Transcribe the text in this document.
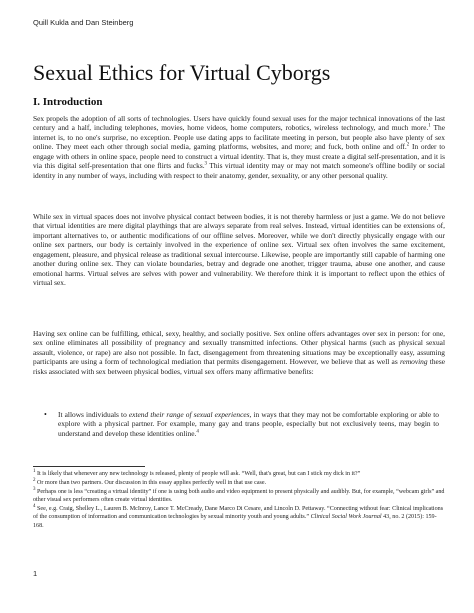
Quill Kukla and Dan Steinberg
Sexual Ethics for Virtual Cyborgs
I. Introduction
Sex propels the adoption of all sorts of technologies. Users have quickly found sexual uses for the major technical innovations of the last century and a half, including telephones, movies, home videos, home computers, robotics, wireless technology, and much more.$^1$ The internet is, to no one's surprise, no exception. People use dating apps to facilitate meeting in person, but people also have plenty of sex online. They meet each other through social media, gaming platforms, websites, and more; and fuck, both online and off.$^2$ In order to engage with others in online space, people need to construct a virtual identity. That is, they must create a digital self-presentation, and it is via this digital self-presentation that one flirts and fucks.$^3$ This virtual identity may or may not match someone's offline bodily or social identity in any number of ways, including with respect to their anatomy, gender, sexuality, or any other personal quality.
While sex in virtual spaces does not involve physical contact between bodies, it is not thereby harmless or just a game. We do not believe that virtual identities are mere digital playthings that are always separate from real selves. Instead, virtual identities can be extensions of, important alternatives to, or authentic modifications of our offline selves. Moreover, while we don't directly physically engage with our online sex partners, our body is certainly involved in the experience of online sex. Virtual sex often involves the same excitement, engagement, pleasure, and physical release as traditional sexual intercourse. Likewise, people are importantly still capable of harming one another during online sex. They can violate boundaries, betray and degrade one another, trigger trauma, abuse one another, and cause emotional harms. Virtual selves are selves with power and vulnerability. We therefore think it is important to reflect upon the ethics of virtual sex.
Having sex online can be fulfilling, ethical, sexy, healthy, and socially positive. Sex online offers advantages over sex in person: for one, sex online eliminates all possibility of pregnancy and sexually transmitted infections. Other physical harms (such as physical sexual assault, violence, or rape) are also not possible. In fact, disengagement from threatening situations may be exceptionally easy, assuming participants are using a form of technological mediation that permits disengagement. However, we believe that as well as removing these risks associated with sex between physical bodies, virtual sex offers many affirmative benefits:
• It allows individuals to extend their range of sexual experiences, in ways that they may not be comfortable exploring or able to explore with a physical partner. For example, many gay and trans people, especially but not exclusively teens, may begin to understand and develop these identities online.$^4$
$^1$ It is likely that whenever any new technology is released, plenty of people will ask. “Well, that's great, but can I stick my dick in it?”
$^2$ Or more than two partners. Our discussion in this essay applies perfectly well in that use case.
$^3$ Perhaps one is less “creating a virtual identity” if one is using both audio and video equipment to present physically and audibly. But, for example, “webcam girls” and other visual sex performers often create virtual identities.
$^4$ See, e.g. Craig, Shelley L., Lauren B. McInroy, Lance T. McCready, Dane Marco Di Cesare, and Lincoln D. Pettaway. “Connecting without fear: Clinical implications of the consumption of information and communication technologies by sexual minority youth and young adults.” Clinical Social Work Journal 43, no. 2 (2015): 159-168.
1
